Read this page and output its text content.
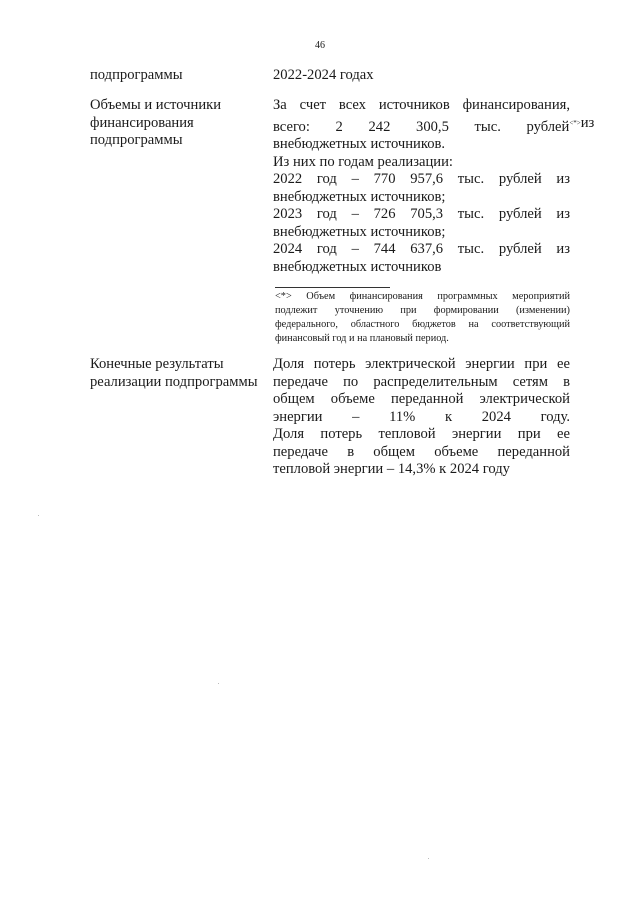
46
подпрограммы	2022-2024 годах
Объемы и источники
финансирования
подпрограммы
За счет всех источников финансирования,
всего: 2 242 300,5 тыс. рублей<*> из
внебюджетных источников.
Из них по годам реализации:
2022 год – 770 957,6 тыс. рублей из
внебюджетных источников;
2023 год – 726 705,3 тыс. рублей из
внебюджетных источников;
2024 год – 744 637,6 тыс. рублей из
внебюджетных источников
<*> Объем финансирования программных мероприятий
подлежит уточнению при формировании (изменении)
федерального, областного бюджетов на соответствующий
финансовый год и на плановый период.
Конечные результаты
реализации подпрограммы
Доля потерь электрической энергии при ее
передаче по распределительным сетям в
общем объеме переданной электрической
энергии – 11% к 2024 году.
Доля потерь тепловой энергии при ее
передаче в общем объеме переданной
тепловой энергии – 14,3% к 2024 году
